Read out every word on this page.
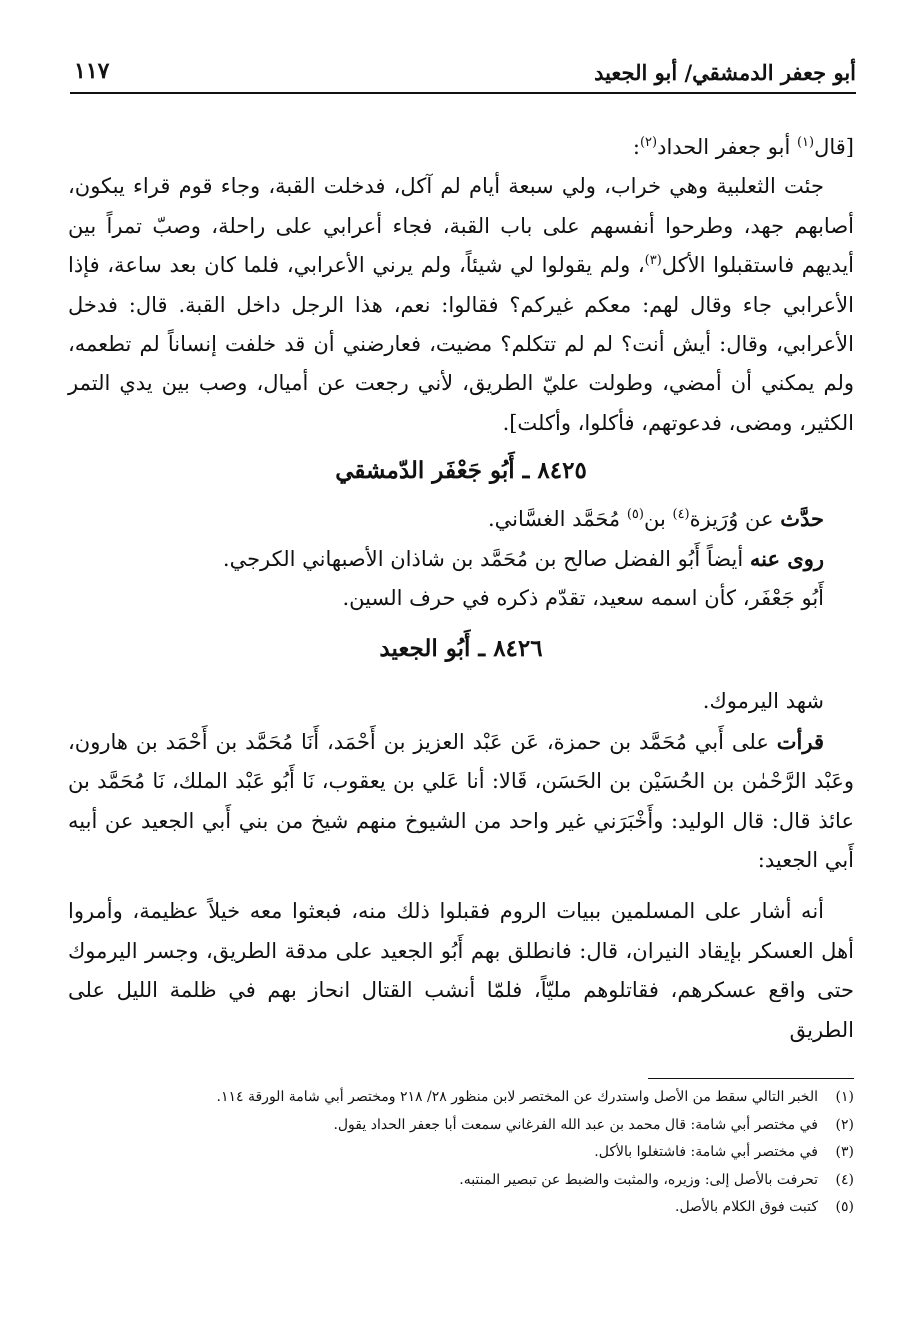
أبو جعفر الدمشقي/ أبو الجعيد
١١٧

[قال$^{(١)}$ أبو جعفر الحداد$^{(٢)}$:

جئت الثعلبية وهي خراب، ولي سبعة أيام لم آكل، فدخلت القبة، وجاء قوم قراء يبكون، أصابهم جهد، وطرحوا أنفسهم على باب القبة، فجاء أعرابي على راحلة، وصبّ تمراً بين أيديهم فاستقبلوا الأكل$^{(٣)}$، ولم يقولوا لي شيئاً، ولم يرني الأعرابي، فلما كان بعد ساعة، فإذا الأعرابي جاء وقال لهم: معكم غيركم؟ فقالوا: نعم، هذا الرجل داخل القبة. قال: فدخل الأعرابي، وقال: أيش أنت؟ لم لم تتكلم؟ مضيت، فعارضني أن قد خلفت إنساناً لم تطعمه، ولم يمكني أن أمضي، وطولت عليّ الطريق، لأني رجعت عن أميال، وصب بين يدي التمر الكثير، ومضى، فدعوتهم، فأكلوا، وأكلت].

٨٤٢٥ ـ أَبُو جَعْفَر الدّمشقي

حدَّث عن وُرَيزة$^{(٤)}$ بن$^{(٥)}$ مُحَمَّد الغسَّاني.

روى عنه أيضاً أَبُو الفضل صالح بن مُحَمَّد بن شاذان الأصبهاني الكرجي.

أَبُو جَعْفَر، كأن اسمه سعيد، تقدّم ذكره في حرف السين.

٨٤٢٦ ـ أَبُو الجعيد

شهد اليرموك.

قرأت على أَبي مُحَمَّد بن حمزة، عَن عَبْد العزيز بن أَحْمَد، أَنَا مُحَمَّد بن أَحْمَد بن هارون، وعَبْد الرَّحْمٰن بن الحُسَيْن بن الحَسَن، قَالا: أنا عَلي بن يعقوب، نَا أَبُو عَبْد الملك، نَا مُحَمَّد بن عائذ قال: قال الوليد: وأَخْبَرَني غير واحد من الشيوخ منهم شيخ من بني أَبي الجعيد عن أبيه أَبي الجعيد:

أنه أشار على المسلمين ببيات الروم فقبلوا ذلك منه، فبعثوا معه خيلاً عظيمة، وأمروا أهل العسكر بإيقاد النيران، قال: فانطلق بهم أَبُو الجعيد على مدقة الطريق، وجسر اليرموك حتى واقع عسكرهم، فقاتلوهم مليّاً، فلمّا أنشب القتال انحاز بهم في ظلمة الليل على الطريق

(١)
الخبر التالي سقط من الأصل واستدرك عن المختصر لابن منظور ٢٨/ ٢١٨ ومختصر أبي شامة الورقة ١١٤.
(٢)
في مختصر أبي شامة: قال محمد بن عبد الله الفرغاني سمعت أبا جعفر الحداد يقول.
(٣)
في مختصر أبي شامة: فاشتغلوا بالأكل.
(٤)
تحرفت بالأصل إلى: وزيره، والمثبت والضبط عن تبصير المنتبه.
(٥)
كتبت فوق الكلام بالأصل.
